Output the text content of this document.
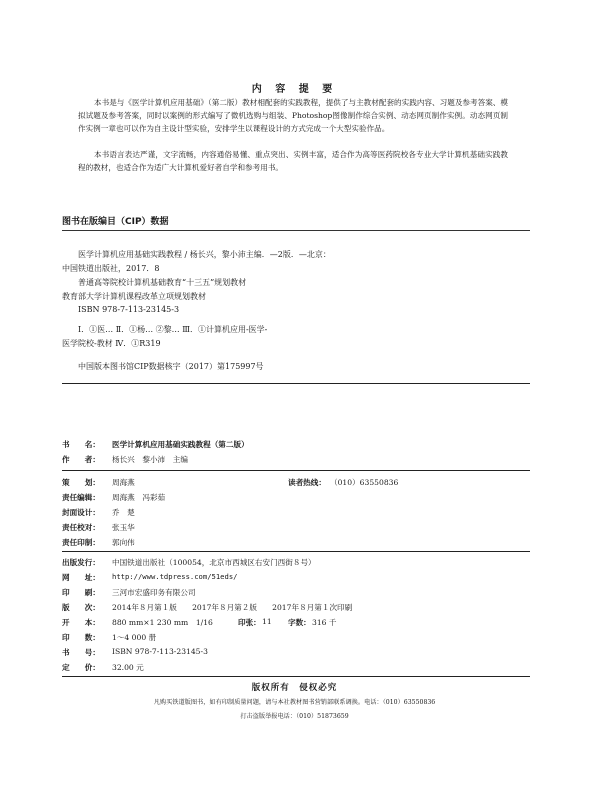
内 容 提 要
本书是与《医学计算机应用基础》（第二版）教材相配套的实践教程，提供了与主教材配套的实践内容、习题及参考答案、模拟试题及参考答案，同时以案例的形式编写了微机选购与组装、Photoshop图像制作综合实例、动态网页制作实例。动态网页制作实例一章也可以作为自主设计型实验，安排学生以课程设计的方式完成一个大型实验作品。
本书语言表达严谨，文字流畅，内容通俗易懂、重点突出、实例丰富，适合作为高等医药院校各专业大学计算机基础实践教程的教材，也适合作为适广大计算机爱好者自学和参考用书。
图书在版编目（CIP）数据
医学计算机应用基础实践教程 / 杨长兴，黎小沛主编．—2版．—北京：
中国铁道出版社，2017．8
普通高等院校计算机基础教育“十三五”规划教材
教育部大学计算机课程改革立项规划教材
ISBN 978-7-113-23145-3
Ⅰ．①医… Ⅱ．①杨… ②黎… Ⅲ．①计算机应用-医学-
医学院校-教材 Ⅳ．①R319
中国版本图书馆CIP数据核字（2017）第175997号
书　　名： 医学计算机应用基础实践教程（第二版）
作　　者： 杨长兴　黎小沛　主编
策　　划： 周海燕	读者热线： （010）63550836
责任编辑： 周海燕　冯彩茹
封面设计： 乔　楚
责任校对： 张玉华
责任印制： 郭向伟
出版发行： 中国铁道出版社（100054，北京市西城区右安门西街８号）
网　　址： http://www.tdpress.com/51eds/
印　　刷： 三河市宏盛印务有限公司
版　　次： 2014年８月第１版　　2017年８月第２版　　2017年８月第１次印刷
开　　本： 880 mm×1 230 mm　1/16	印张： 11 字数： 316 千
印　　数： 1～4 000 册
书　　号： ISBN 978-7-113-23145-3
定　　价： 32.00 元
版权所有　侵权必究
凡购买铁道版图书，如有印制质量问题，请与本社教材图书营销部联系调换。电话：（010）63550836
打击盗版举报电话：（010）51873659
